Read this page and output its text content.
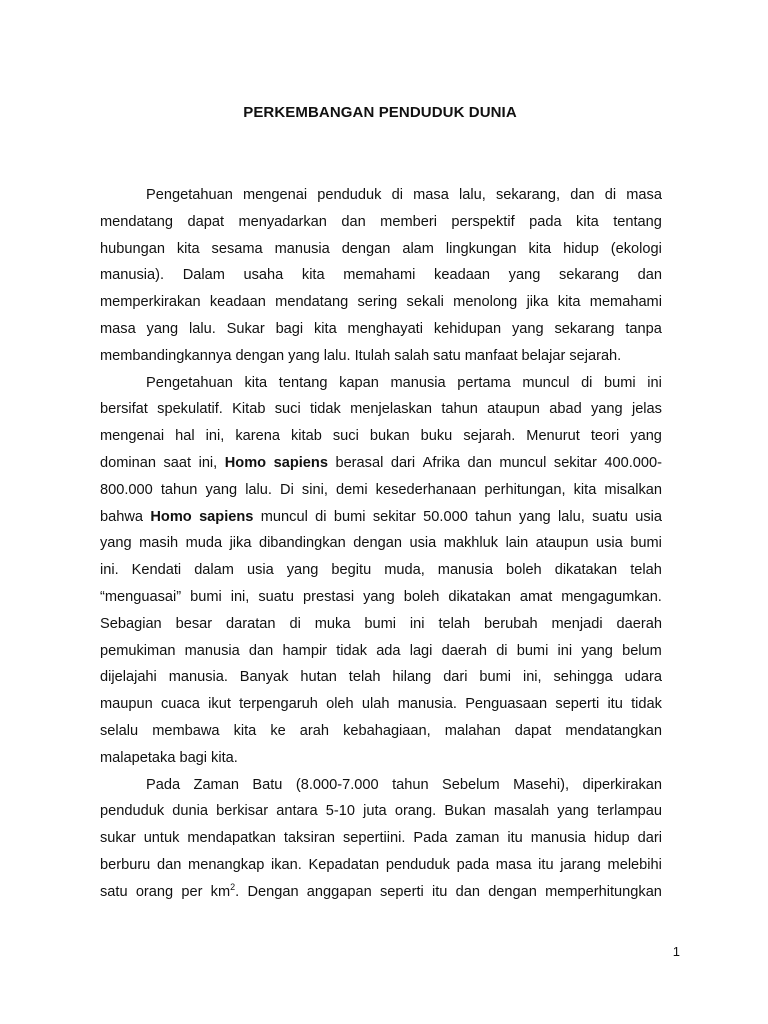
PERKEMBANGAN PENDUDUK DUNIA
Pengetahuan mengenai penduduk di masa lalu, sekarang, dan di masa
mendatang dapat menyadarkan dan memberi perspektif pada kita tentang
hubungan kita sesama manusia dengan alam lingkungan kita hidup (ekologi
manusia). Dalam usaha kita memahami keadaan yang sekarang dan
memperkirakan keadaan mendatang sering sekali menolong jika kita memahami
masa yang lalu. Sukar bagi kita menghayati kehidupan yang sekarang tanpa
membandingkannya dengan yang lalu. Itulah salah satu manfaat belajar sejarah.
Pengetahuan kita tentang kapan manusia pertama muncul di bumi ini
bersifat spekulatif. Kitab suci tidak menjelaskan tahun ataupun abad yang jelas
mengenai hal ini, karena kitab suci bukan buku sejarah. Menurut teori yang
dominan saat ini, Homo sapiens berasal dari Afrika dan muncul sekitar 400.000-
800.000 tahun yang lalu. Di sini, demi kesederhanaan perhitungan, kita misalkan
bahwa Homo sapiens muncul di bumi sekitar 50.000 tahun yang lalu, suatu usia
yang masih muda jika dibandingkan dengan usia makhluk lain ataupun usia bumi
ini. Kendati dalam usia yang begitu muda, manusia boleh dikatakan telah
“menguasai” bumi ini, suatu prestasi yang boleh dikatakan amat mengagumkan.
Sebagian besar daratan di muka bumi ini telah berubah menjadi daerah
pemukiman manusia dan hampir tidak ada lagi daerah di bumi ini yang belum
dijelajahi manusia. Banyak hutan telah hilang dari bumi ini, sehingga udara
maupun cuaca ikut terpengaruh oleh ulah manusia. Penguasaan seperti itu tidak
selalu membawa kita ke arah kebahagiaan, malahan dapat mendatangkan
malapetaka bagi kita.
Pada Zaman Batu (8.000-7.000 tahun Sebelum Masehi), diperkirakan
penduduk dunia berkisar antara 5-10 juta orang. Bukan masalah yang terlampau
sukar untuk mendapatkan taksiran sepertiini. Pada zaman itu manusia hidup dari
berburu dan menangkap ikan. Kepadatan penduduk pada masa itu jarang melebihi
satu orang per $km^2$. Dengan anggapan seperti itu dan dengan memperhitungkan
1
